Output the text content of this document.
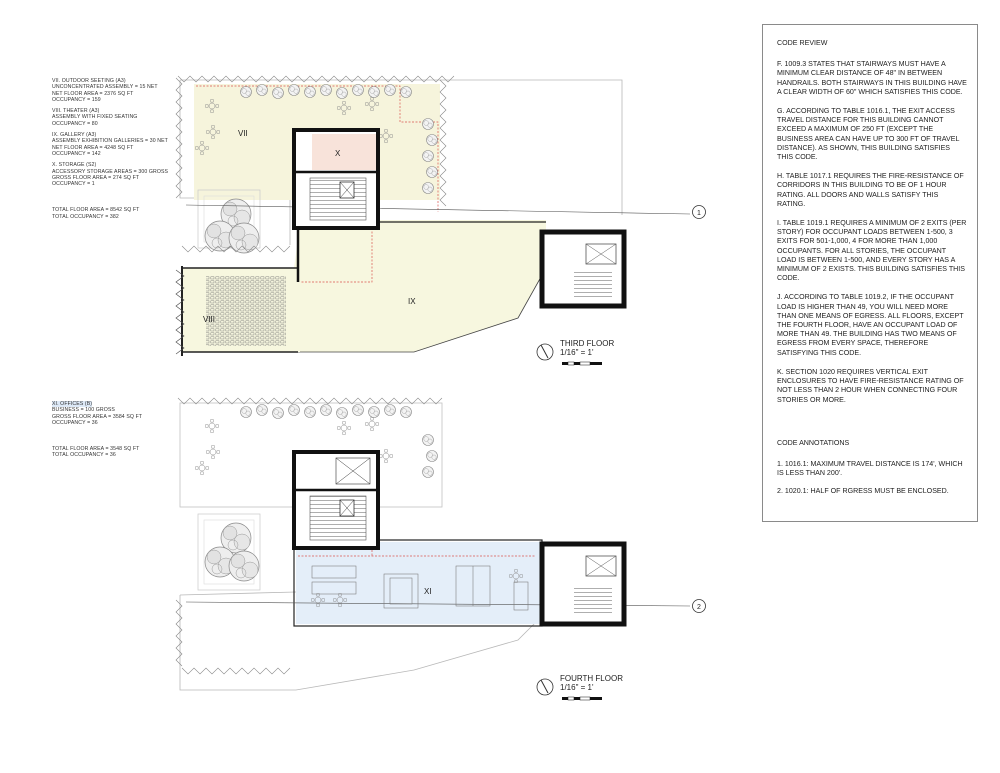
VII. OUTDOOR SEETING (A3)
UNCONCENTRATED ASSEMBLY = 15 NET
NET FLOOR AREA = 2376 SQ FT
OCCUPANCY = 159
VIII. THEATER (A3)
ASSEMBLY WITH FIXED SEATING
OCCUPANCY = 80
IX. GALLERY (A3)
ASSEMBLY EXHIBITION GALLERIES = 30 NET
NET FLOOR AREA = 4248 SQ FT
OCCUPANCY = 142
X. STORAGE (S2)
ACCESSORY STORAGE AREAS = 300 GROSS
GROSS FLOOR AREA = 274 SQ FT
OCCUPANCY = 1
TOTAL FLOOR AREA = 8542 SQ FT
TOTAL OCCUPANCY = 382
XI. OFFICES (B)
BUSINESS = 100 GROSS
GROSS FLOOR AREA = 3584 SQ FT
OCCUPANCY = 36
TOTAL FLOOR AREA = 3548 SQ FT
TOTAL OCCUPANCY = 36
VII
X
IX
VIII
1
XI
2
THIRD FLOOR
1/16" = 1'
FOURTH FLOOR
1/16" = 1'
CODE REVIEW
F. 1009.3 STATES THAT STAIRWAYS MUST HAVE A MINIMUM CLEAR DISTANCE OF 48" IN BETWEEN HANDRAILS. BOTH STAIRWAYS IN THIS BUILDING HAVE A CLEAR WIDTH OF 60" WHICH SATISFIES THIS CODE.
G. ACCORDING TO TABLE 1016.1, THE EXIT ACCESS TRAVEL DISTANCE FOR THIS BUILDING CANNOT EXCEED A MAXIMUM OF 250 FT (EXCEPT THE BUSINESS AREA CAN HAVE UP TO 300 FT OF TRAVEL DISTANCE). AS SHOWN, THIS BUILDING SATISFIES THIS CODE.
H. TABLE 1017.1 REQUIRES THE FIRE-RESISTANCE OF CORRIDORS IN THIS BUILDING TO BE OF 1 HOUR RATING. ALL DOORS AND WALLS SATISFY THIS RATING.
I. TABLE 1019.1 REQUIRES A MINIMUM OF 2 EXITS (PER STORY) FOR OCCUPANT LOADS BETWEEN 1-500, 3 EXITS FOR 501-1,000, 4 FOR MORE THAN 1,000 OCCUPANTS. FOR ALL STORIES, THE OCCUPANT LOAD IS BETWEEN 1-500, AND EVERY STORY HAS A MINIMUM OF 2 EXISTS. THIS BUILDING SATISFIES THIS CODE.
J. ACCORDING TO TABLE 1019.2, IF THE OCCUPANT LOAD IS HIGHER THAN 49, YOU WILL NEED MORE THAN ONE MEANS OF EGRESS. ALL FLOORS, EXCEPT THE FOURTH FLOOR, HAVE AN OCCUPANT LOAD OF MORE THAN 49. THE BUILDING HAS TWO MEANS OF EGRESS FROM EVERY SPACE, THEREFORE SATISFYING THIS CODE.
K. SECTION 1020 REQUIRES VERTICAL EXIT ENCLOSURES TO HAVE FIRE-RESISTANCE RATING OF NOT LESS THAN 2 HOUR WHEN CONNECTING FOUR STORIES OR MORE.
CODE ANNOTATIONS
1. 1016.1: MAXIMUM TRAVEL DISTANCE IS 174', WHICH IS LESS THAN 200'.
2. 1020.1: HALF OF RGRESS MUST BE ENCLOSED.
